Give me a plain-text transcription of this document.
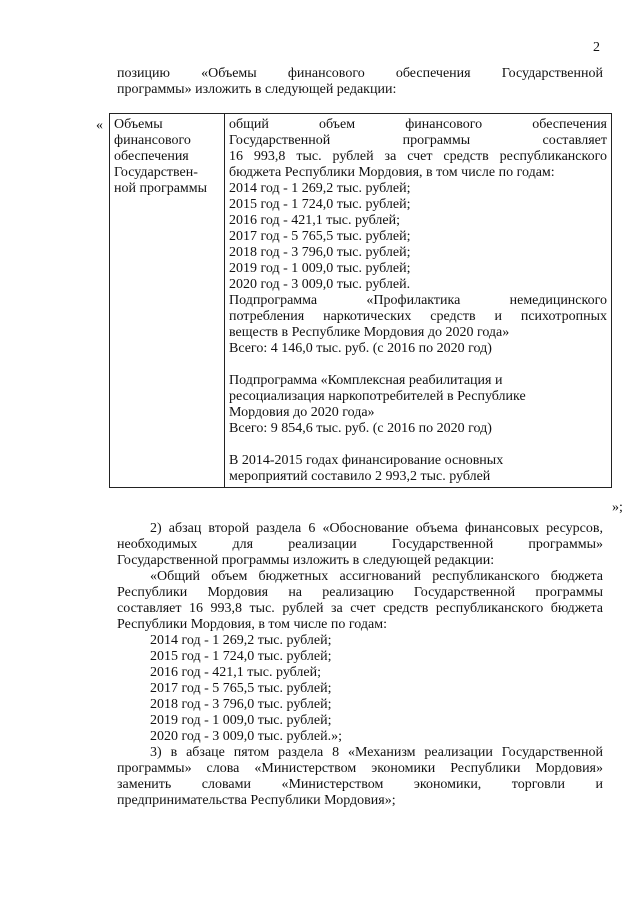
2
позицию «Объемы финансового обеспечения Государственной
программы» изложить в следующей редакции:
« Объемы
финансового
обеспечения
Государствен-
ной программы

общий объем финансового обеспечения
Государственной программы составляет
16 993,8 тыс. рублей за счет средств республиканского
бюджета Республики Мордовия, в том числе по годам:
2014 год - 1 269,2 тыс. рублей;
2015 год - 1 724,0 тыс. рублей;
2016 год - 421,1 тыс. рублей;
2017 год - 5 765,5 тыс. рублей;
2018 год - 3 796,0 тыс. рублей;
2019 год - 1 009,0 тыс. рублей;
2020 год - 3 009,0 тыс. рублей.
Подпрограмма «Профилактика немедицинского
потребления наркотических средств и психотропных
веществ в Республике Мордовия до 2020 года»
Всего: 4 146,0 тыс. руб. (с 2016 по 2020 год)
Подпрограмма «Комплексная реабилитация и
ресоциализация наркопотребителей в Республике
Мордовия до 2020 года»
Всего: 9 854,6 тыс. руб. (с 2016 по 2020 год)
В 2014-2015 годах финансирование основных
мероприятий составило 2 993,2 тыс. рублей
»;
2) абзац второй раздела 6 «Обоснование объема финансовых ресурсов,
необходимых для реализации Государственной программы»
Государственной программы изложить в следующей редакции:
«Общий объем бюджетных ассигнований республиканского бюджета
Республики Мордовия на реализацию Государственной программы
составляет 16 993,8 тыс. рублей за счет средств республиканского бюджета
Республики Мордовия, в том числе по годам:
2014 год - 1 269,2 тыс. рублей;
2015 год - 1 724,0 тыс. рублей;
2016 год - 421,1 тыс. рублей;
2017 год - 5 765,5 тыс. рублей;
2018 год - 3 796,0 тыс. рублей;
2019 год - 1 009,0 тыс. рублей;
2020 год - 3 009,0 тыс. рублей.»;
3) в абзаце пятом раздела 8 «Механизм реализации Государственной
программы» слова «Министерством экономики Республики Мордовия»
заменить словами «Министерством экономики, торговли и
предпринимательства Республики Мордовия»;
